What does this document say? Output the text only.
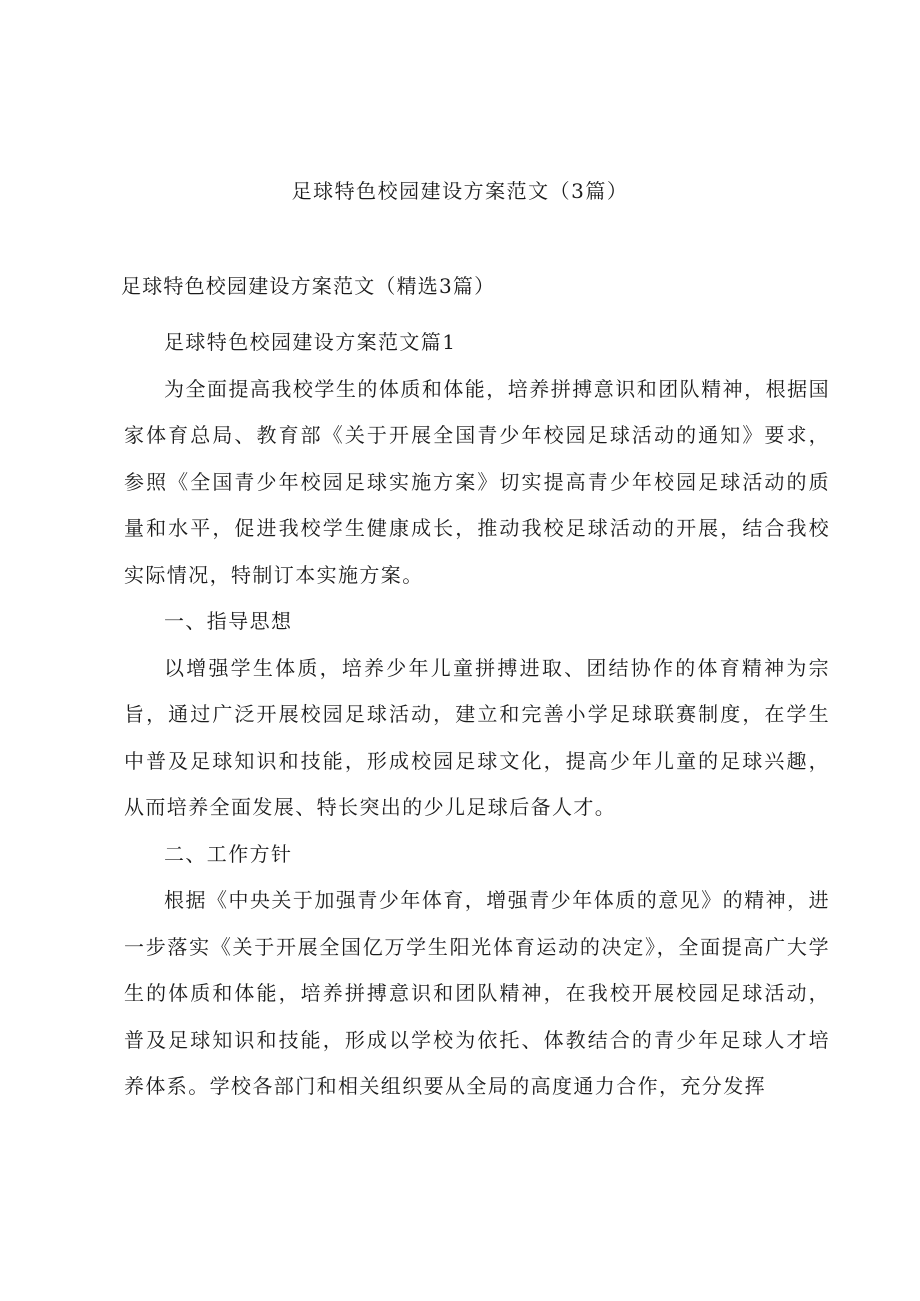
足球特色校园建设方案范文（3篇）
足球特色校园建设方案范文（精选3篇）

足球特色校园建设方案范文篇1

为全面提高我校学生的体质和体能，培养拼搏意识和团队精神，根据国家体育总局、教育部《关于开展全国青少年校园足球活动的通知》要求，参照《全国青少年校园足球实施方案》切实提高青少年校园足球活动的质量和水平，促进我校学生健康成长，推动我校足球活动的开展，结合我校实际情况，特制订本实施方案。

一、指导思想

以增强学生体质，培养少年儿童拼搏进取、团结协作的体育精神为宗旨，通过广泛开展校园足球活动，建立和完善小学足球联赛制度，在学生中普及足球知识和技能，形成校园足球文化，提高少年儿童的足球兴趣，从而培养全面发展、特长突出的少儿足球后备人才。

二、工作方针

根据《中央关于加强青少年体育，增强青少年体质的意见》的精神，进一步落实《关于开展全国亿万学生阳光体育运动的决定》，全面提高广大学生的体质和体能，培养拼搏意识和团队精神，在我校开展校园足球活动，普及足球知识和技能，形成以学校为依托、体教结合的青少年足球人才培养体系。学校各部门和相关组织要从全局的高度通力合作，充分发挥
